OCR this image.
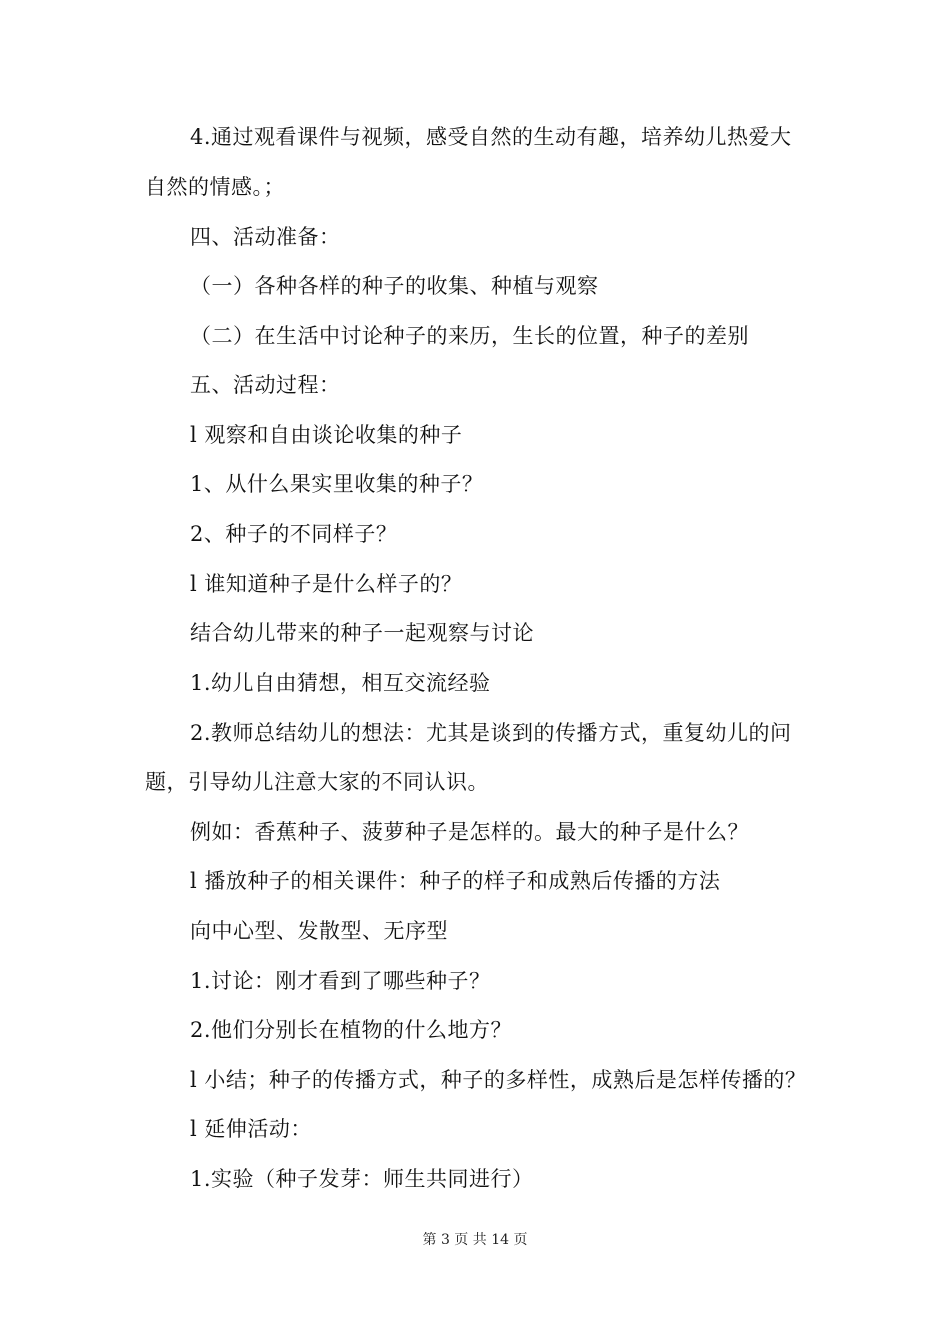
4.通过观看课件与视频，感受自然的生动有趣，培养幼儿热爱大
自然的情感。；
四、活动准备：
（一）各种各样的种子的收集、种植与观察
（二）在生活中讨论种子的来历，生长的位置，种子的差别
五、活动过程：
l 观察和自由谈论收集的种子
1、从什么果实里收集的种子？
2、种子的不同样子？
l 谁知道种子是什么样子的？
结合幼儿带来的种子一起观察与讨论
1.幼儿自由猜想，相互交流经验
2.教师总结幼儿的想法：尤其是谈到的传播方式，重复幼儿的问
题，引导幼儿注意大家的不同认识。
例如：香蕉种子、菠萝种子是怎样的。最大的种子是什么？
l 播放种子的相关课件：种子的样子和成熟后传播的方法
向中心型、发散型、无序型
1.讨论：刚才看到了哪些种子？
2.他们分别长在植物的什么地方？
l 小结；种子的传播方式，种子的多样性，成熟后是怎样传播的？
l 延伸活动：
1.实验（种子发芽：师生共同进行）
第 3 页 共 14 页
